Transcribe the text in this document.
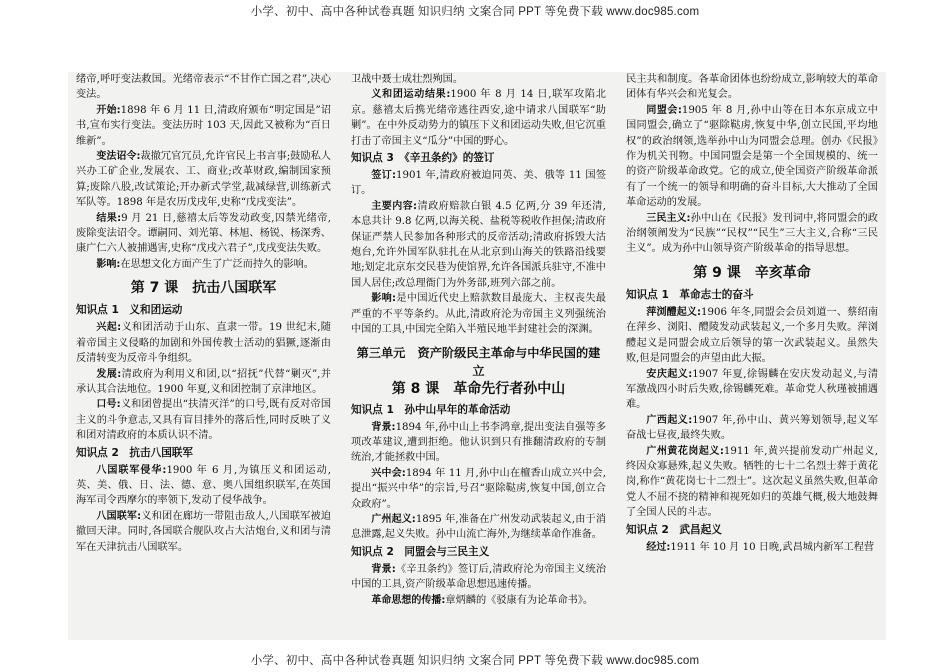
小学、初中、高中各种试卷真题 知识归纳 文案合同 PPT 等免费下载 www.doc985.com

绪帝,呼吁变法救国。光绪帝表示“不甘作亡国之君”,决心变法。

开始:1898 年 6 月 11 日,清政府颁布“明定国是”诏书,宣布实行变法。变法历时 103 天,因此又被称为“百日维新”。

变法诏令:裁撤冗官冗员,允许官民上书言事;鼓励私人兴办工矿企业,发展农、工、商业;改革财政,编制国家预算;废除八股,改试策论;开办新式学堂,裁减绿营,训练新式军队等。1898 年是农历戊戌年,史称“戊戌变法”。

结果:9 月 21 日,慈禧太后等发动政变,囚禁光绪帝,废除变法诏令。谭嗣同、刘光第、林旭、杨锐、杨深秀、康广仁六人被捕遇害,史称“戊戌六君子”,戊戌变法失败。

影响:在思想文化方面产生了广泛而持久的影响。

第 7 课　抗击八国联军
知识点 1　义和团运动

兴起:义和团活动于山东、直隶一带。19 世纪末,随着帝国主义侵略的加剧和外国传教士活动的猖獗,逐渐由反清转变为反帝斗争组织。

发展:清政府为利用义和团,以“招抚”代替“剿灭”,并承认其合法地位。1900 年夏,义和团控制了京津地区。

口号:义和团曾提出“扶清灭洋”的口号,既有反对帝国主义的斗争意志,又具有盲目排外的落后性,同时反映了义和团对清政府的本质认识不清。

知识点 2　抗击八国联军

八国联军侵华:1900 年 6 月,为镇压义和团运动,英、美、俄、日、法、德、意、奥八国组织联军,在英国海军司令西摩尔的率领下,发动了侵华战争。

八国联军:义和团在廊坊一带阻击敌人,八国联军被迫撤回天津。同时,各国联合舰队攻占大沽炮台,义和团与清军在天津抗击八国联军。

卫战中聂士成壮烈殉国。

义和团运动结果:1900 年 8 月 14 日,联军攻陷北京。慈禧太后携光绪帝逃往西安,途中请求八国联军“助剿”。在中外反动势力的镇压下义和团运动失败,但它沉重打击了帝国主义“瓜分”中国的野心。

知识点 3　《辛丑条约》的签订

签订:1901 年,清政府被迫同英、美、俄等 11 国签订。

主要内容:清政府赔款白银 4.5 亿两,分 39 年还清,本息共计 9.8 亿两,以海关税、盐税等税收作担保;清政府保证严禁人民参加各种形式的反帝活动;清政府拆毁大沽炮台,允许外国军队驻扎在从北京到山海关的铁路沿线要地;划定北京东交民巷为使馆界,允许各国派兵驻守,不准中国人居住;改总理衙门为外务部,班列六部之前。

影响:是中国近代史上赔款数目最庞大、主权丧失最严重的不平等条约。从此,清政府沦为帝国主义列强统治中国的工具,中国完全陷入半殖民地半封建社会的深渊。

第三单元　资产阶级民主革命与中华民国的建立
第 8 课　革命先行者孙中山
知识点 1　孙中山早年的革命活动

背景:1894 年,孙中山上书李鸿章,提出变法自强等多项改革建议,遭到拒绝。他认识到只有推翻清政府的专制统治,才能拯救中国。

兴中会:1894 年 11 月,孙中山在檀香山成立兴中会,提出“振兴中华”的宗旨,号召“驱除鞑虏,恢复中国,创立合众政府”。

广州起义:1895 年,准备在广州发动武装起义,由于消息泄露,起义失败。孙中山流亡海外,为继续革命作准备。

知识点 2　同盟会与三民主义

背景:《辛丑条约》签订后,清政府沦为帝国主义统治中国的工具,资产阶级革命思想迅速传播。

革命思想的传播:章炳麟的《驳康有为论革命书》。

民主共和制度。各革命团体也纷纷成立,影响较大的革命团体有华兴会和光复会。

同盟会:1905 年 8 月,孙中山等在日本东京成立中国同盟会,确立了“驱除鞑虏,恢复中华,创立民国,平均地权”的政治纲领,选举孙中山为同盟会总理。创办《民报》作为机关刊物。中国同盟会是第一个全国规模的、统一的资产阶级革命政党。它的成立,使全国资产阶级革命派有了一个统一的领导和明确的奋斗目标,大大推动了全国革命运动的发展。

三民主义:孙中山在《民报》发刊词中,将同盟会的政治纲领阐发为“民族”“民权”“民生”三大主义,合称“三民主义”。成为孙中山领导资产阶级革命的指导思想。

第 9 课　辛亥革命
知识点 1　革命志士的奋斗

萍浏醴起义:1906 年冬,同盟会会员刘道一、蔡绍南在萍乡、浏阳、醴陵发动武装起义,一个多月失败。萍浏醴起义是同盟会成立后领导的第一次武装起义。虽然失败,但是同盟会的声望由此大振。

安庆起义:1907 年夏,徐锡麟在安庆发动起义,与清军激战四小时后失败,徐锡麟死难。革命党人秋瑾被捕遇难。

广西起义:1907 年,孙中山、黄兴筹划领导,起义军奋战七昼夜,最终失败。

广州黄花岗起义:1911 年,黄兴提前发动广州起义,终因众寡悬殊,起义失败。牺牲的七十二名烈士葬于黄花岗,称作“黄花岗七十二烈士”。这次起义虽然失败,但革命党人不屈不挠的精神和视死如归的英雄气概,极大地鼓舞了全国人民的斗志。

知识点 2　武昌起义

经过:1911 年 10 月 10 日晚,武昌城内新军工程营

小学、初中、高中各种试卷真题 知识归纳 文案合同 PPT 等免费下载 www.doc985.com
